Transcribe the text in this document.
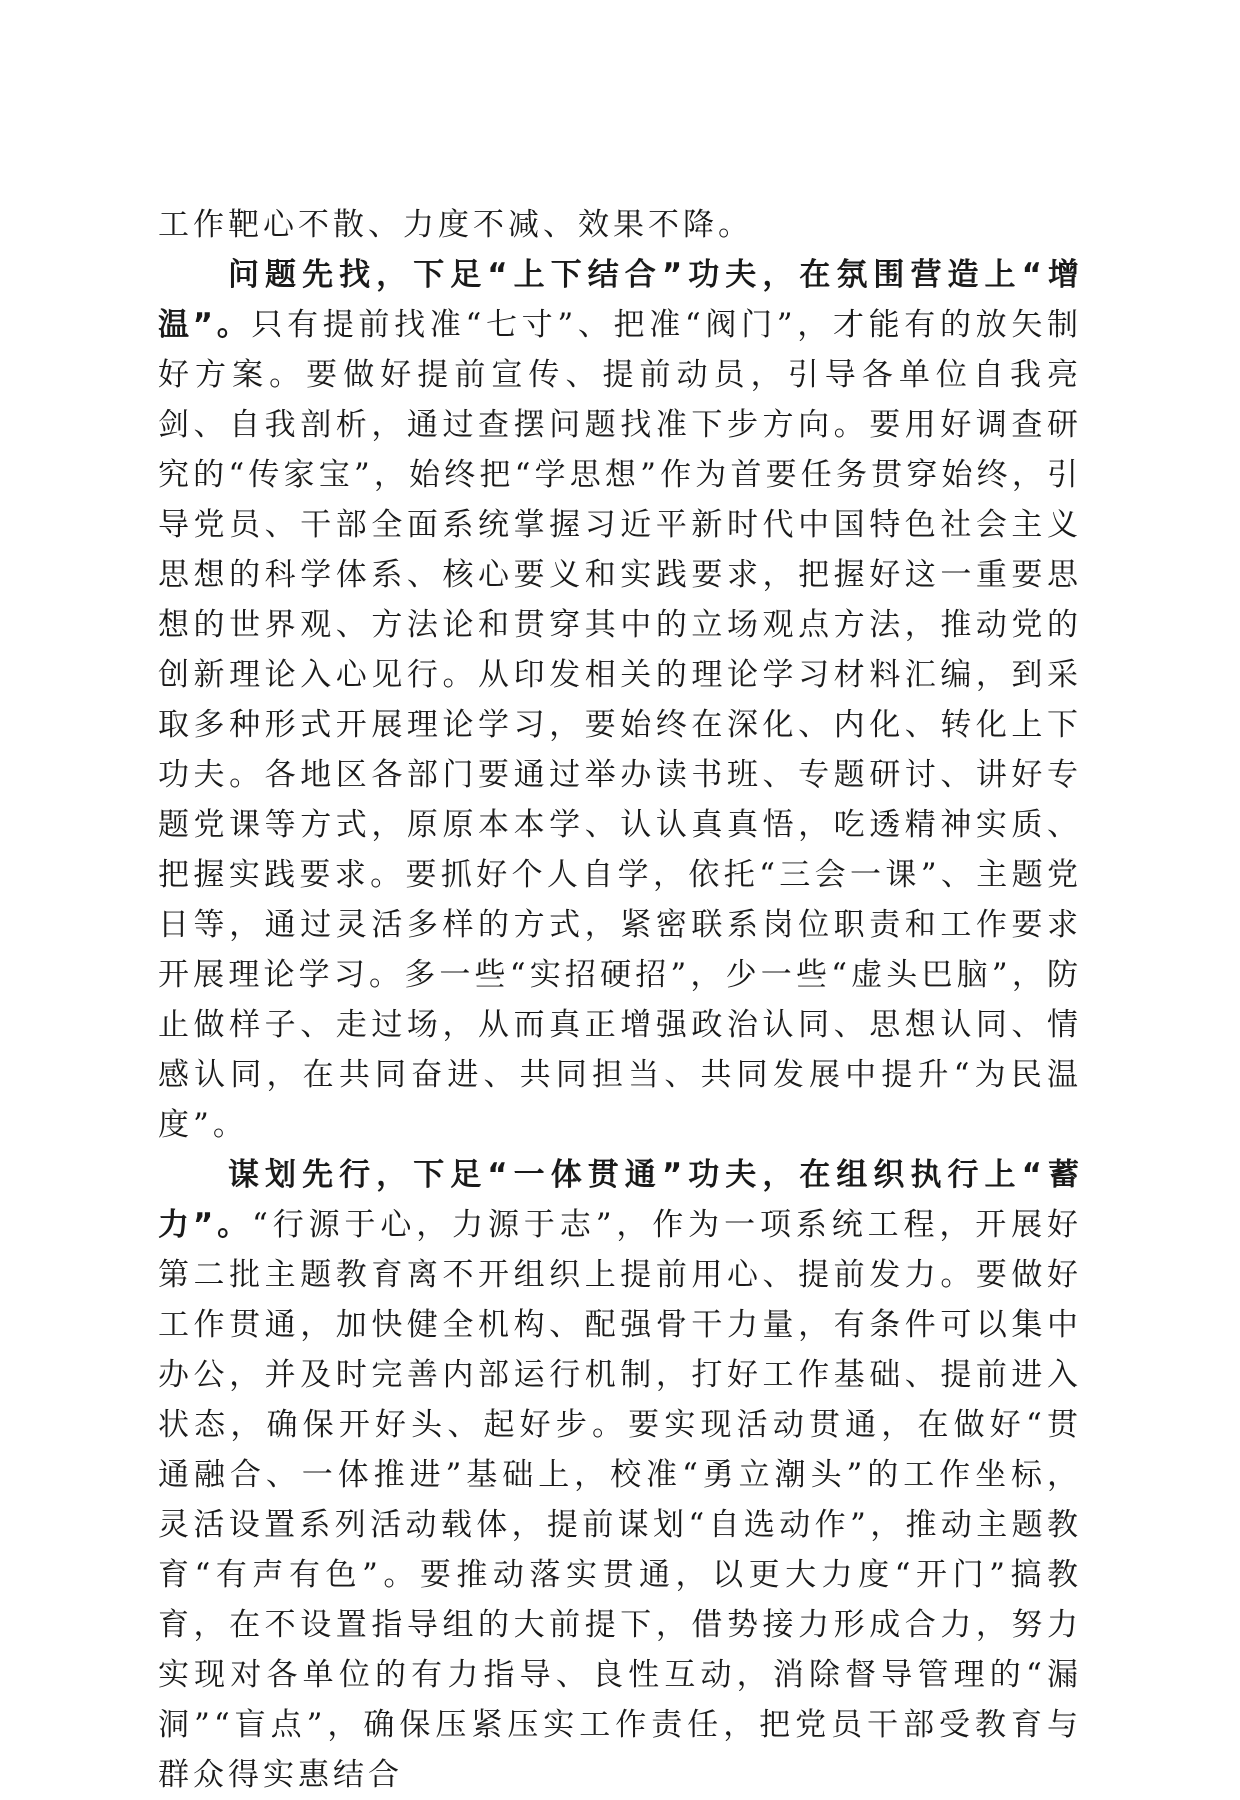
工作靶心不散、力度不减、效果不降。

问题先找，下足“上下结合”功夫，在氛围营造上“增温”。只有提前找准“七寸”、把准“阀门”，才能有的放矢制好方案。要做好提前宣传、提前动员，引导各单位自我亮剑、自我剖析，通过查摆问题找准下步方向。要用好调查研究的“传家宝”，始终把“学思想”作为首要任务贯穿始终，引导党员、干部全面系统掌握习近平新时代中国特色社会主义思想的科学体系、核心要义和实践要求，把握好这一重要思想的世界观、方法论和贯穿其中的立场观点方法，推动党的创新理论入心见行。从印发相关的理论学习材料汇编，到采取多种形式开展理论学习，要始终在深化、内化、转化上下功夫。各地区各部门要通过举办读书班、专题研讨、讲好专题党课等方式，原原本本学、认认真真悟，吃透精神实质、把握实践要求。要抓好个人自学，依托“三会一课”、主题党日等，通过灵活多样的方式，紧密联系岗位职责和工作要求开展理论学习。多一些“实招硬招”，少一些“虚头巴脑”，防止做样子、走过场，从而真正增强政治认同、思想认同、情感认同，在共同奋进、共同担当、共同发展中提升“为民温度”。

谋划先行，下足“一体贯通”功夫，在组织执行上“蓄力”。“行源于心，力源于志”，作为一项系统工程，开展好第二批主题教育离不开组织上提前用心、提前发力。要做好工作贯通，加快健全机构、配强骨干力量，有条件可以集中办公，并及时完善内部运行机制，打好工作基础、提前进入状态，确保开好头、起好步。要实现活动贯通，在做好“贯通融合、一体推进”基础上，校准“勇立潮头”的工作坐标，灵活设置系列活动载体，提前谋划“自选动作”，推动主题教育“有声有色”。要推动落实贯通，以更大力度“开门”搞教育，在不设置指导组的大前提下，借势接力形成合力，努力实现对各单位的有力指导、良性互动，消除督导管理的“漏洞”“盲点”，确保压紧压实工作责任，把党员干部受教育与群众得实惠结合
